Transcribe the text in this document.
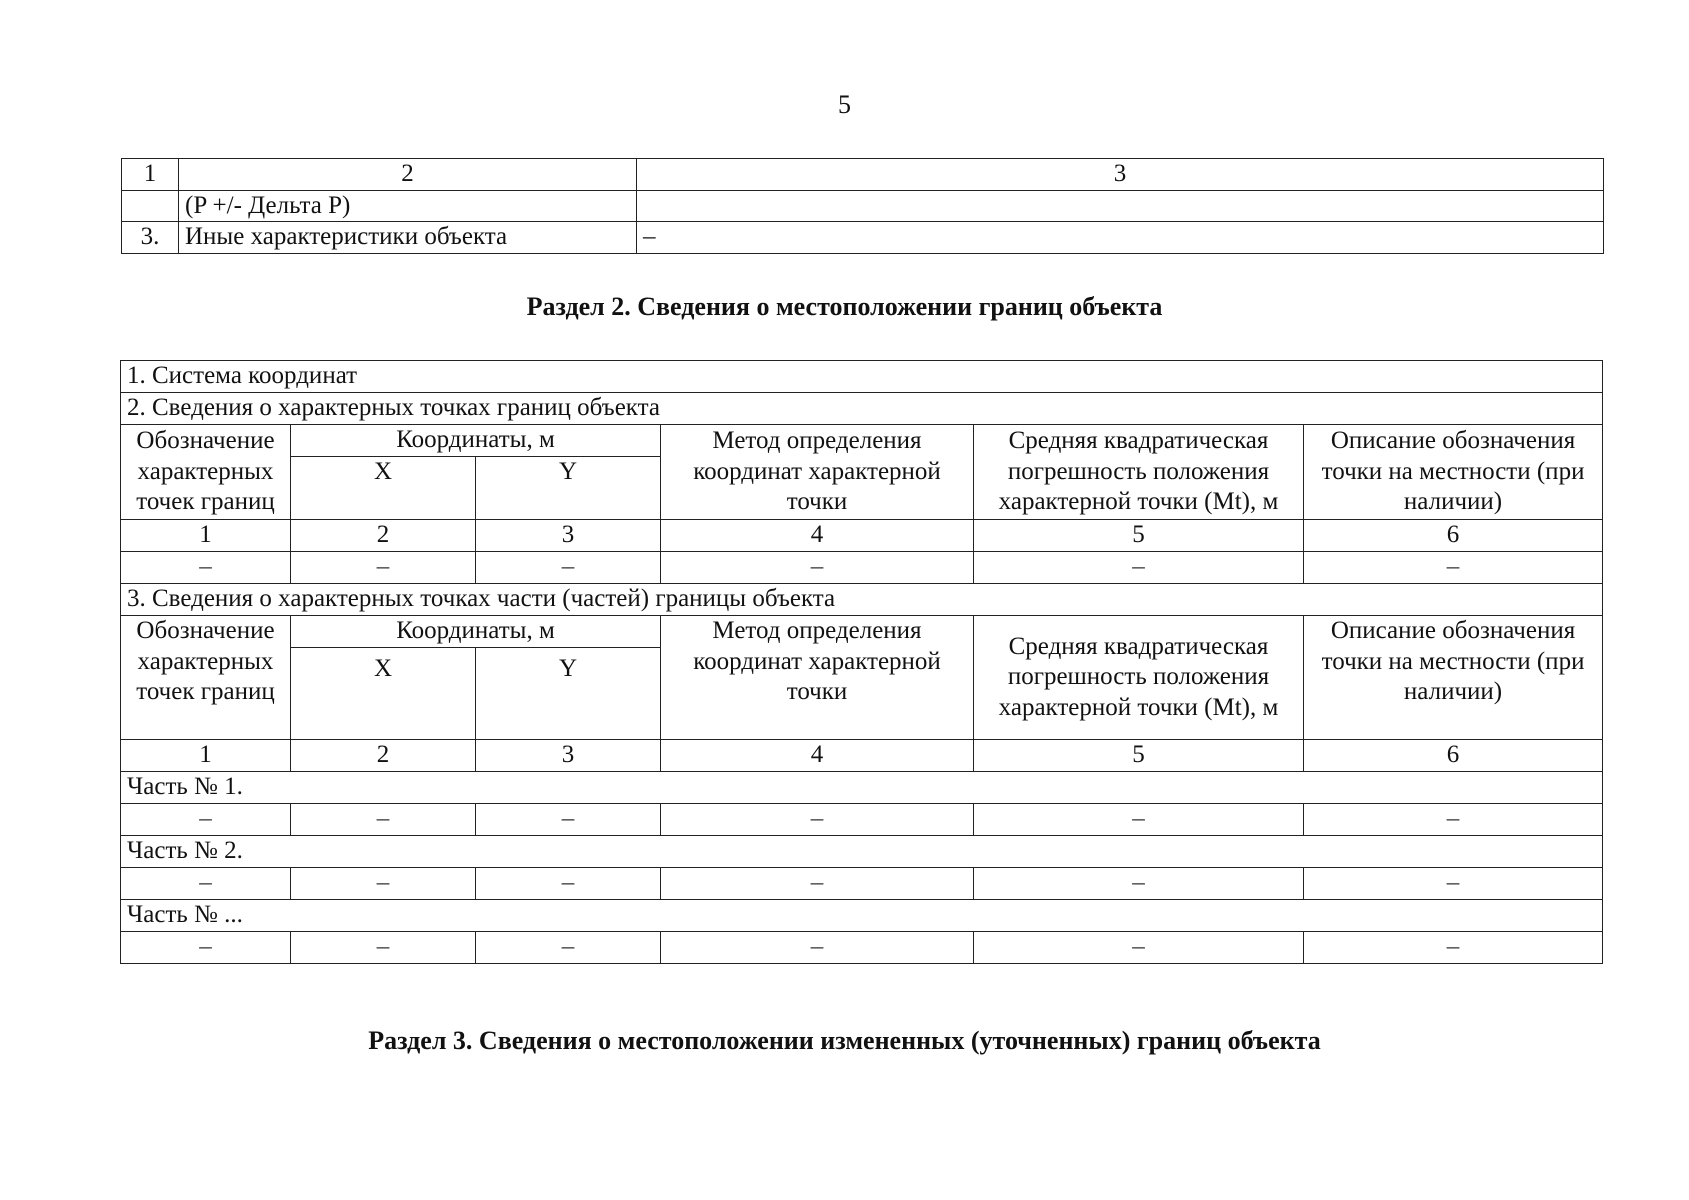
5
1	2	3
	(P +/- Дельта P)	
3.	Иные характеристики объекта	–
Раздел 2. Сведения о местоположении границ объекта
1. Система координат					
2. Сведения о характерных точках границ объекта					
Обозначение характерных точек границ	Координаты, м		Метод определения координат характерной точки	Средняя квадратическая погрешность положения характерной точки (Mt), м	Описание обозначения точки на местности (при наличии)
	X	Y			
1	2	3	4	5	6
–	–	–	–	–	–
3. Сведения о характерных точках части (частей) границы объекта					
Обозначение характерных точек границ	Координаты, м		Метод определения координат характерной точки	Средняя квадратическая погрешность положения характерной точки (Mt), м	Описание обозначения точки на местности (при наличии)
	X	Y			
1	2	3	4	5	6
Часть № 1.					
–	–	–	–	–	–
Часть № 2.					
–	–	–	–	–	–
Часть № ...					
–	–	–	–	–	–
Раздел 3. Сведения о местоположении измененных (уточненных) границ объекта
